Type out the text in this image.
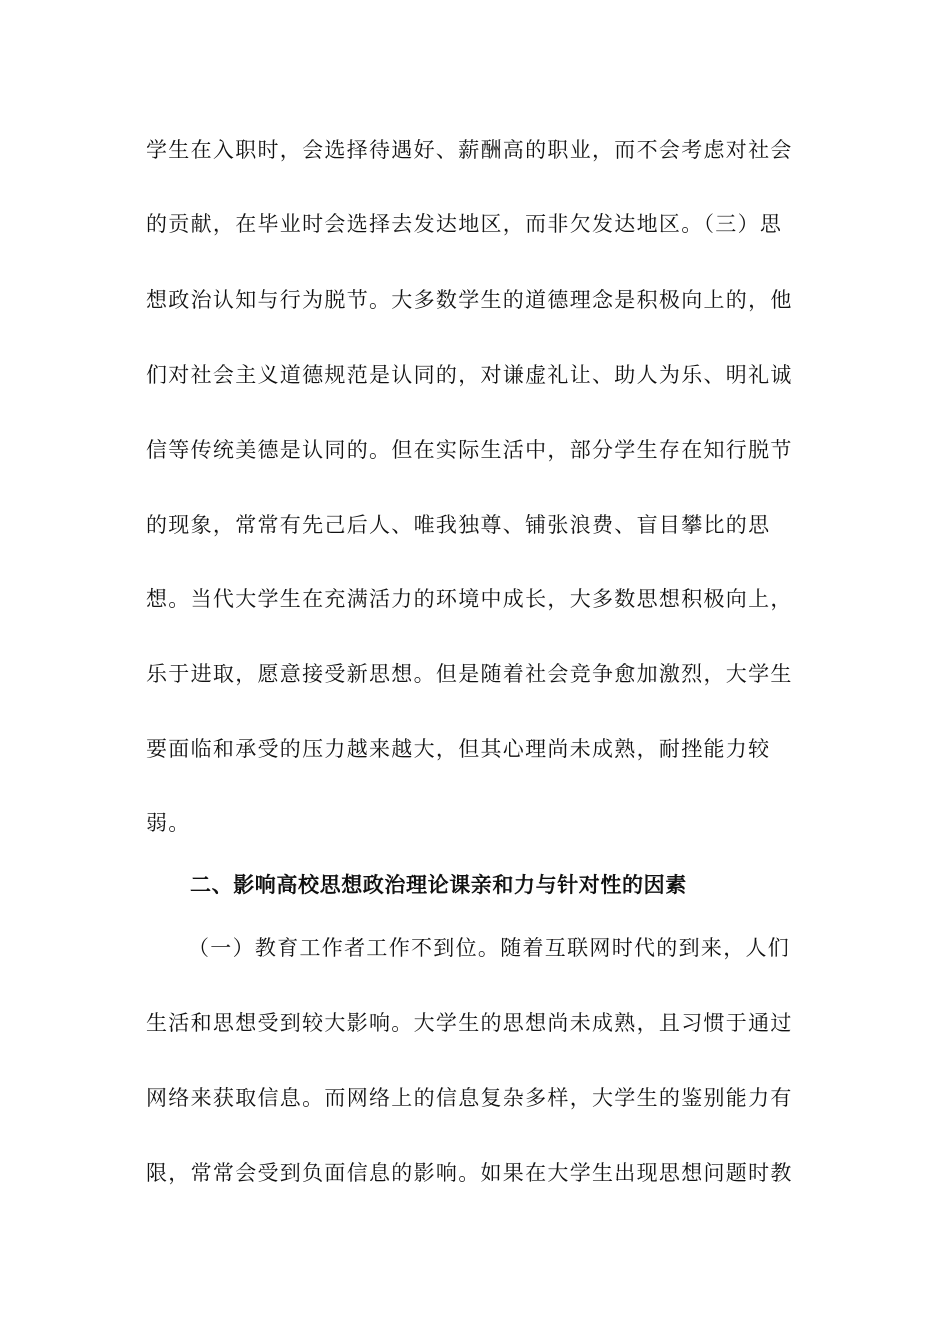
学生在入职时，会选择待遇好、薪酬高的职业，而不会考虑对社会
的贡献，在毕业时会选择去发达地区，而非欠发达地区。（三）思
想政治认知与行为脱节。大多数学生的道德理念是积极向上的，他
们对社会主义道德规范是认同的，对谦虚礼让、助人为乐、明礼诚
信等传统美德是认同的。但在实际生活中，部分学生存在知行脱节
的现象，常常有先己后人、唯我独尊、铺张浪费、盲目攀比的思
想。当代大学生在充满活力的环境中成长，大多数思想积极向上，
乐于进取，愿意接受新思想。但是随着社会竞争愈加激烈，大学生
要面临和承受的压力越来越大，但其心理尚未成熟，耐挫能力较
弱。
二、影响高校思想政治理论课亲和力与针对性的因素
（一）教育工作者工作不到位。随着互联网时代的到来，人们
生活和思想受到较大影响。大学生的思想尚未成熟，且习惯于通过
网络来获取信息。而网络上的信息复杂多样，大学生的鉴别能力有
限，常常会受到负面信息的影响。如果在大学生出现思想问题时教
